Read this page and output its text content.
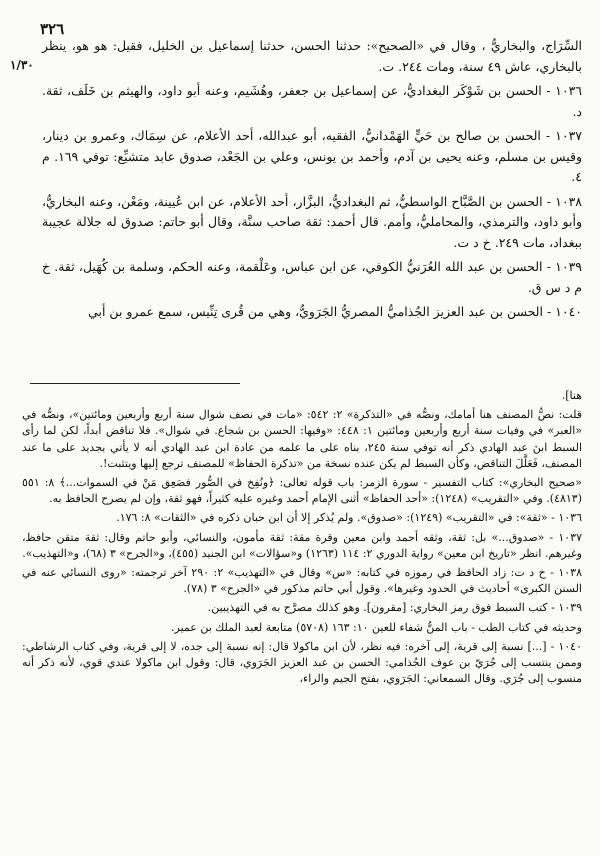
٣٢٦
١/٣٠

السِّرَاج، والبخاريُّ ، وقال في «الصحيح»: حدثنا الحسن، حدثنا إسماعيل بن الخليل، فقيل: هو هو، ينظر بالبخاري، عاش ٤٩ سنة، ومات ٢٤٤. ت.

١٠٣٦ - الحسن بن شَوْكَر البغداديُّ، عن إسماعيل بن جعفر، وهُشَيم، وعنه أبو داود، والهيثم بن خَلَف، ثقة. د.

١٠٣٧ - الحسن بن صالح بن حَيٍّ الهَمْدانيُّ، الفقيه، أبو عبدالله، أحد الأعلام، عن سِمَاك، وعمرو بن دينار، وقيس بن مسلم، وعنه يحيى بن آدم، وأحمد بن يونس، وعلي بن الجَعْد، صدوق عابد متشيِّع: توفي ١٦٩. م ٤.

١٠٣٨ - الحسن بن الصَّبَّاح الواسطيُّ، ثم البغداديُّ، البزَّار، أحد الأعلام، عن ابن عُيينة، ومَعْن، وعنه البخاريُّ، وأبو داود، والترمذي، والمحامليُّ، وأمم. قال أحمد: ثقة صاحب سنَّة، وقال أبو حاتم: صدوق له جلالة عجيبة ببغداد، مات ٢٤٩. خ د ت.

١٠٣٩ - الحسن بن عبد الله العُرَنيُّ الكوفي، عن ابن عباس، وعَلْقمة، وعنه الحكم، وسلمة بن كُهَيل، ثقة. خ م د س ق.

١٠٤٠ - الحسن بن عبد العزيز الجُذاميُّ المصريُّ الجَرَويُّ، وهي من قُرى تِنِّيس، سمع عمرو بن أبي

هنا].

قلت: نصُّ المصنف هنا أمامك، ونصُّه في «التذكرة» ٢: ٥٤٢: «مات في نصف شوال سنة أربع وأربعين ومائتين»، ونصُّه في «العبر» في وفيات سنة أربع وأربعين ومائتين ١: ٤٤٨: «وفيها: الحسن بن شجاع. في شوال». فلا تناقض أبداً، لكن لما رأى السبط ابنَ عبد الهادي ذكر أنه توفي سنة ٢٤٥، بناه على ما علمه من عادة ابن عبد الهادي أنه لا يأتي بجديد على ما عند المصنف، فَعَلَّلَ التناقض، وكأن السبط لم يكن عنده نسخة من «تذكرة الحفاظ» للمصنف ترجع إليها ويتثبت!.

«صحيح البخاري»: كتاب التفسير - سورة الزمر: باب قوله تعالى: ﴿ونُفِخ في الصُّور فصَعِق مَنْ في السموات...﴾ ٨: ٥٥١ (٤٨١٣). وفي «التقريب» (١٢٤٨): «أحد الحفاظ» أثنى الإمام أحمد وغيره عليه كثيراً، فهو ثقة، وإن لم يصرح الحافظ به.

١٠٣٦ - «ثقة»: في «التقريب» (١٢٤٩): «صدوق». ولم يُذكر إلا أن ابن حبان ذكره في «الثقات» ٨: ١٧٦.

١٠٣٧ - «صدوق...» بل: ثقة، وثقه أحمد وابن معين وقرة مقة: ثقة مأمون، والنسائي، وأبو حاتم وقال: ثقة متقن حافظ، وغيرهم. انظر «تاريخ ابن معين» رواية الدوري ٢: ١١٤ (١٢٦٣) و«سؤالات» ابن الجنيد (٤٥٥)، و«الجرح» ٣ (٦٨)، و«التهذيب».

١٠٣٨ - خ د ت: زاد الحافظ في رموزه في كتابه: «س» وقال في «التهذيب» ٢: ٢٩٠ آخر ترجمته: «روى النسائي عنه في السنن الكبرى» أحاديث في الحدود وغيرها». وقول أبي حاتم مذكور في «الجرح» ٣ (٧٨).

١٠٣٩ - كتب السبط فوق رمز البخاري: [مقرون]. وهو كذلك مصرَّح به في التهذيبين.

وحديثه في كتاب الطب - باب المنُّ شفاء للعين ١٠: ١٦٣ (٥٧٠٨) متابعة لعبد الملك بن عمير.

١٠٤٠ - [...] نسبة إلى قرية، إلى آخره: فيه نظر، لأن ابن ماكولا قال: إنه نسبة إلى جده، لا إلى قرية، وفي كتاب الرشاطي: وممن ينتسب إلى جُرَيّ بن عوف الجُذامي: الحسن بن عبد العزيز الجَرَوي، قال: وقول ابن ماكولا عندي قوي، لأنه ذكر أنه منسوب إلى جُرَي. وقال السمعاني: الجَرَوي، بفتح الجيم والراء،
